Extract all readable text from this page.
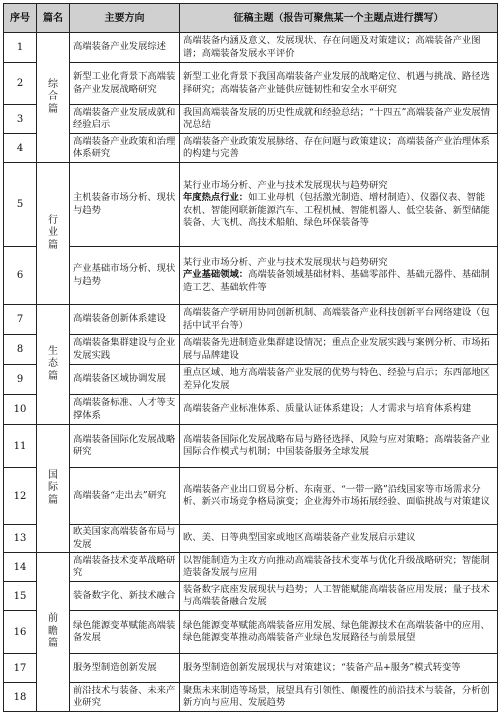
序号	篇名	主要方向	征稿主题（报告可聚焦某一个主题点进行撰写）
1	综合篇	高端装备产业发展综述	高端装备内涵及意义、发展现状、存在问题及对策建议；高端装备产业图谱；高端装备发展水平评价
2		新型工业化背景下高端装备产业发展战略研究	新型工业化背景下我国高端装备产业发展的战略定位、机遇与挑战、路径选择研究；高端装备产业链供应链韧性和安全水平研究
3		高端装备产业发展成就和经验启示	我国高端装备发展的历史性成就和经验总结；“十四五”高端装备产业发展情况总结
4		高端装备产业政策和治理体系研究	高端装备产业政策发展脉络、存在问题与政策建议；高端装备产业治理体系的构建与完善
5	行业篇	主机装备市场分析、现状与趋势	某行业市场分析、产业与技术发展现状与趋势研究
年度热点行业：如工业母机（包括激光制造、增材制造）、仪器仪表、智能农机、智能网联新能源汽车、工程机械、智能机器人、低空装备、新型储能装备、大飞机、高技术船舶、绿色环保装备等
6		产业基础市场分析、现状与趋势	某行业市场分析、产业与技术发展现状与趋势研究
产业基础领域：高端装备领域基础材料、基础零部件、基础元器件、基础制造工艺、基础软件等
7	生态篇	高端装备创新体系建设	高端装备产学研用协同创新机制、高端装备产业科技创新平台网络建设（包括中试平台等）
8		高端装备集群建设与企业发展实践	高端装备先进制造业集群建设情况；重点企业发展实践与案例分析、市场拓展与品牌建设
9		高端装备区域协调发展	重点区域、地方高端装备产业发展的优势与特色、经验与启示；东西部地区差异化发展
10		高端装备标准、人才等支撑体系	高端装备产业标准体系、质量认证体系建设；人才需求与培育体系构建
11	国际篇	高端装备国际化发展战略研究	高端装备国际化发展战略布局与路径选择、风险与应对策略；高端装备产业国际合作模式与机制；中国装备服务全球发展
12		高端装备“走出去”研究	高端装备产业出口贸易分析、东南亚、“一带一路”沿线国家等市场需求分析、新兴市场竞争格局演变；企业海外市场拓展经验、面临挑战与对策建议
13		欧美国家高端装备布局与发展	欧、美、日等典型国家或地区高端装备产业发展启示建议
14	前瞻篇	高端装备技术变革战略研究	以智能制造为主攻方向推动高端装备技术变革与优化升级战略研究；智能制造装备发展与应用
15		装备数字化、新技术融合	装备数字底座发展现状与趋势；人工智能赋能高端装备应用发展；量子技术与高端装备融合发展
16		绿色能源变革赋能高端装备发展	绿色能源变革赋能高端装备应用发展、绿色能源技术在高端装备中的应用、绿色能源变革推动高端装备产业绿色发展路径与前景展望
17		服务型制造创新发展	服务型制造创新发展现状与对策建议；“装备产品+服务”模式转变等
18		前沿技术与装备、未来产业研究	聚焦未来制造等场景，展望具有引领性、颠覆性的前沿技术与装备，分析创新方向与应用、发展趋势
